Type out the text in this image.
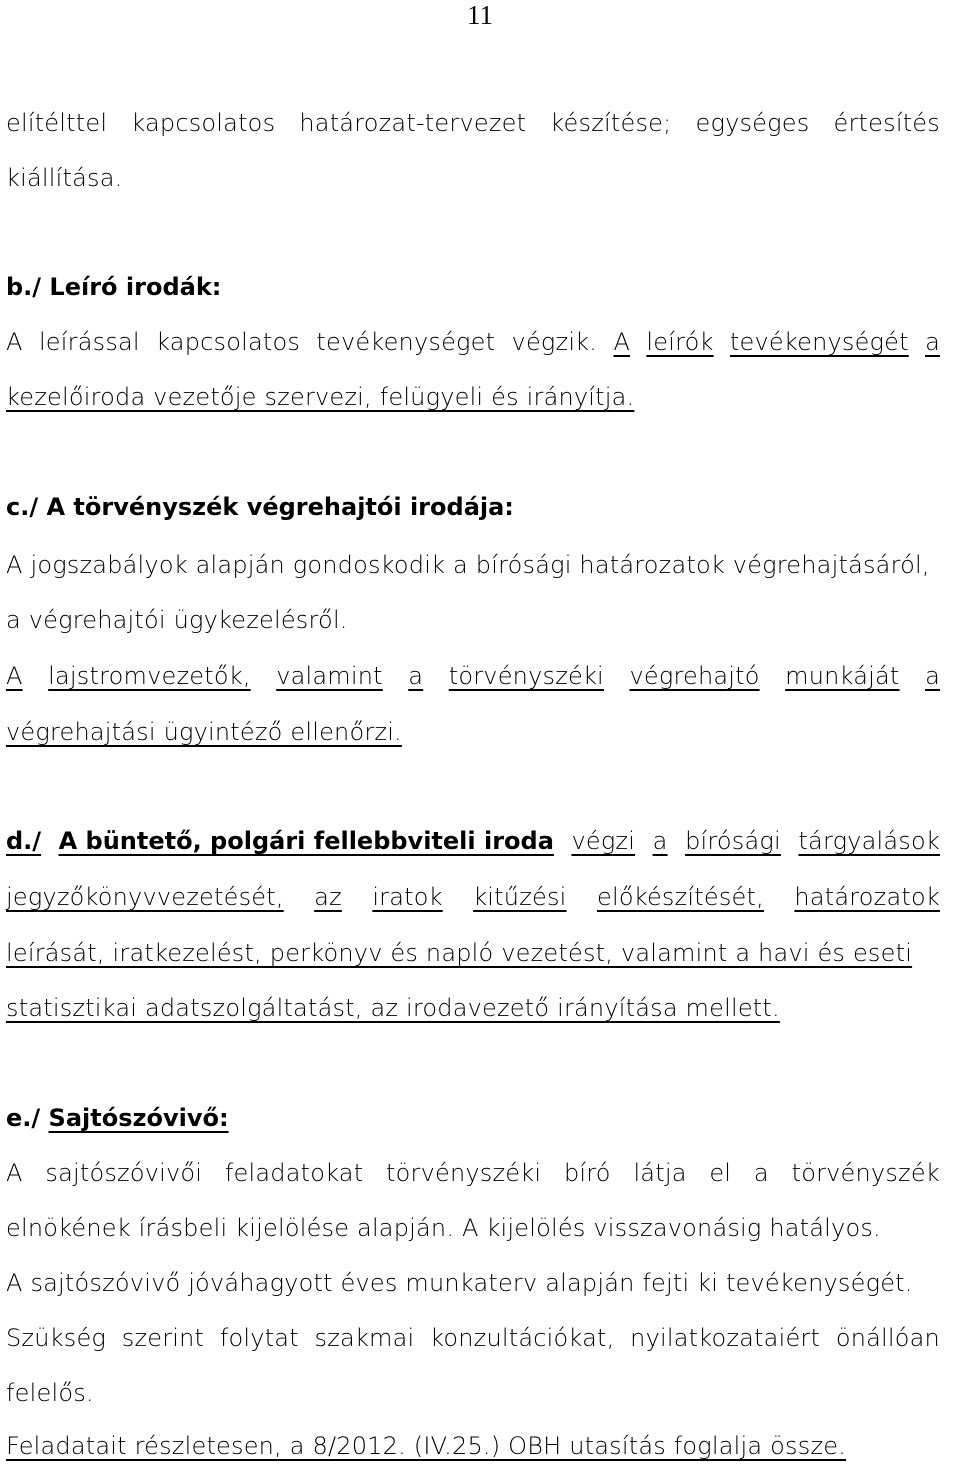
11
elítélttel kapcsolatos határozat-tervezet készítése; egységes értesítés
kiállítása.
b./ Leíró irodák:
A leírással kapcsolatos tevékenységet végzik. A leírók tevékenységét a
kezelőiroda vezetője szervezi, felügyeli és irányítja.
c./ A törvényszék végrehajtói irodája:
A jogszabályok alapján gondoskodik a bírósági határozatok végrehajtásáról,
a végrehajtói ügykezelésről.
A lajstromvezetők, valamint a törvényszéki végrehajtó munkáját a
végrehajtási ügyintéző ellenőrzi.
d./ A büntető, polgári fellebbviteli iroda végzi a bírósági tárgyalások
jegyzőkönyvvezetését, az iratok kitűzési előkészítését, határozatok
leírását, iratkezelést, perkönyv és napló vezetést, valamint a havi és eseti
statisztikai adatszolgáltatást, az irodavezető irányítása mellett.
e./ Sajtószóvivő:
A sajtószóvivői feladatokat törvényszéki bíró látja el a törvényszék
elnökének írásbeli kijelölése alapján. A kijelölés visszavonásig hatályos.
A sajtószóvivő jóváhagyott éves munkaterv alapján fejti ki tevékenységét.
Szükség szerint folytat szakmai konzultációkat, nyilatkozataiért önállóan
felelős.
Feladatait részletesen, a 8/2012. (IV.25.) OBH utasítás foglalja össze.
